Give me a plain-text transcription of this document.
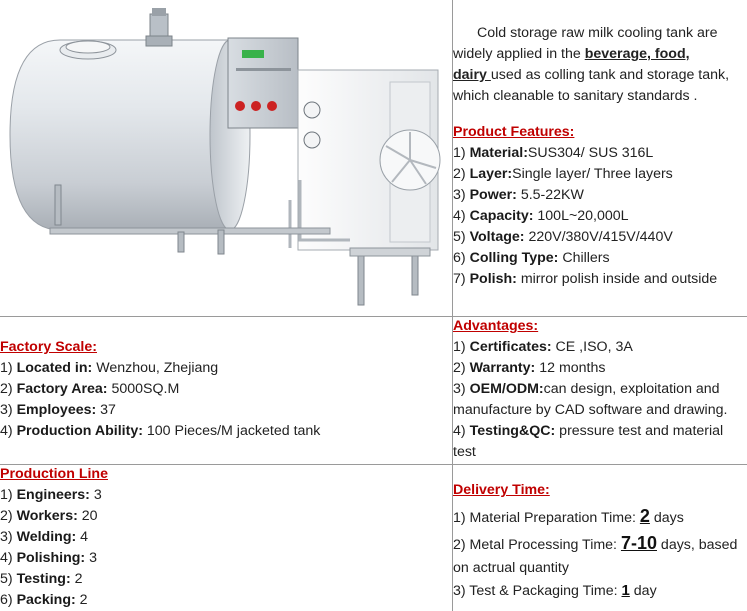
Cold storage raw milk cooling tank are

widely applied in the beverage, food,

dairy used as colling tank and storage tank,

which cleanable to sanitary standards .

Product Features:

1) Material:SUS304/ SUS 316L

2) Layer:Single layer/ Three layers

3) Power: 5.5-22KW

4) Capacity: 100L~20,000L

5) Voltage: 220V/380V/415V/440V

6) Colling Type: Chillers

7) Polish: mirror polish inside and outside

Factory Scale:

1) Located in: Wenzhou, Zhejiang

2) Factory Area: 5000SQ.M

3) Employees: 37

4) Production Ability: 100 Pieces/M jacketed tank

Advantages:

1) Certificates: CE ,ISO, 3A

2) Warranty: 12 months

3) OEM/ODM:can design, exploitation and

manufacture by CAD software and drawing.

4) Testing&QC: pressure test and material

test

Production Line

1) Engineers: 3

2) Workers: 20

3) Welding: 4

4) Polishing: 3

5) Testing: 2

6) Packing: 2

Delivery Time:

1) Material Preparation Time: 2 days

2) Metal Processing Time: 7-10 days, based

on actrual quantity

3) Test & Packaging Time: 1 day
